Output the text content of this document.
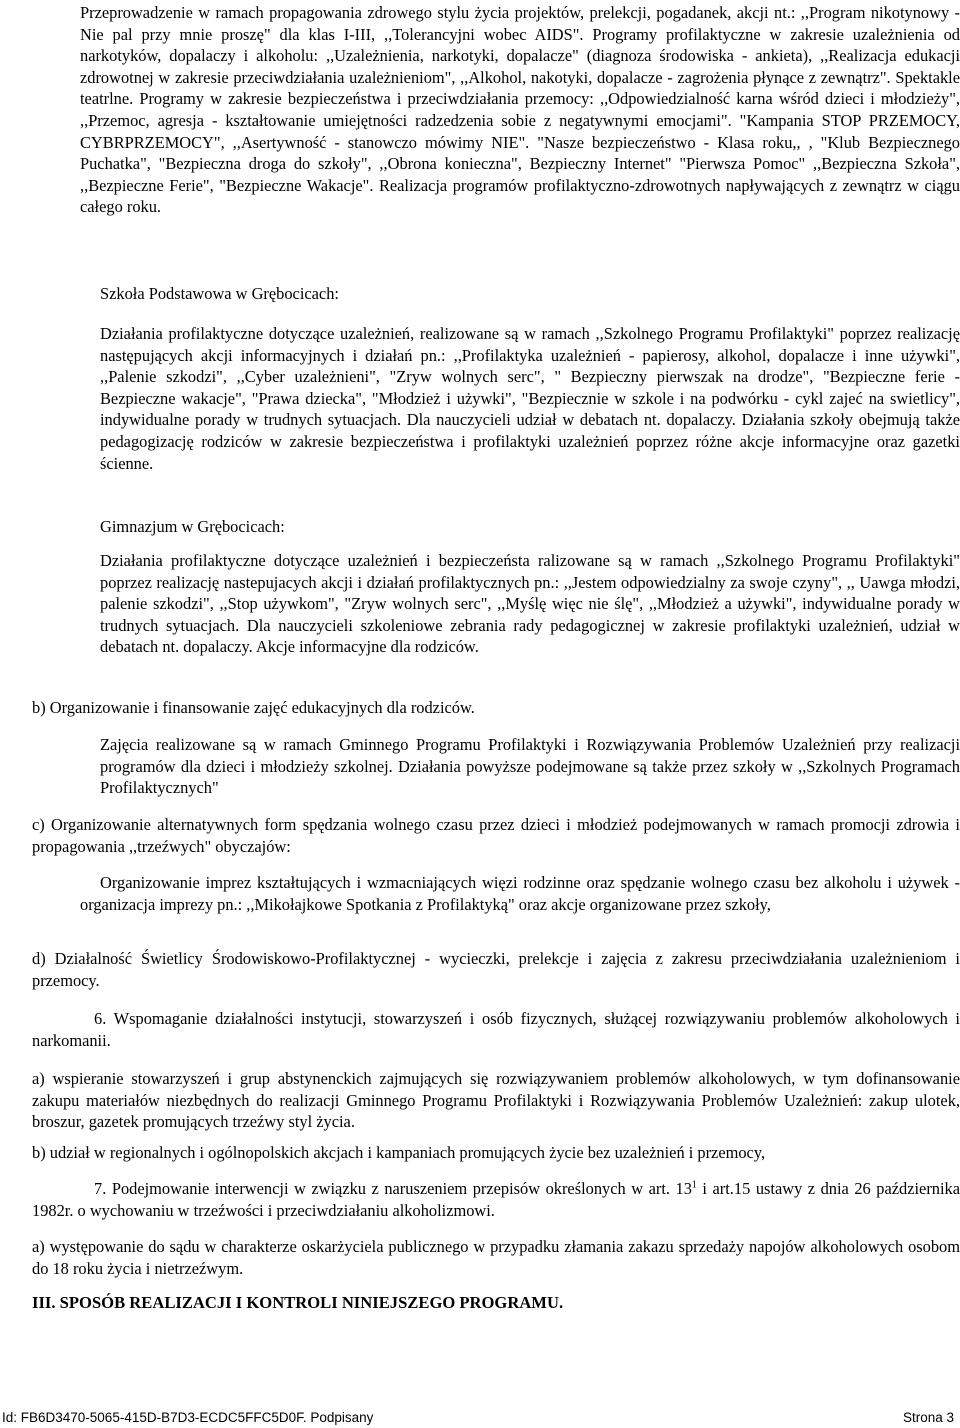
Przeprowadzenie w ramach propagowania zdrowego stylu życia projektów, prelekcji, pogadanek, akcji nt.: ,,Program nikotynowy - Nie pal przy mnie proszę" dla klas I-III, ,,Tolerancyjni wobec AIDS". Programy profilaktyczne w zakresie uzależnienia od narkotyków, dopalaczy i alkoholu: ,,Uzależnienia, narkotyki, dopalacze" (diagnoza środowiska - ankieta), ,,Realizacja edukacji zdrowotnej w zakresie przeciwdziałania uzależnieniom", ,,Alkohol, nakotyki, dopalacze - zagrożenia płynące z zewnątrz". Spektakle teatrlne. Programy w zakresie bezpieczeństwa i przeciwdziałania przemocy: ,,Odpowiedzialność karna wśród dzieci i młodzieży", ,,Przemoc, agresja - kształtowanie umiejętności radzedzenia sobie z negatywnymi emocjami". "Kampania STOP PRZEMOCY, CYBRPRZEMOCY", ,,Asertywność - stanowczo mówimy NIE". "Nasze bezpieczeństwo - Klasa roku,, , "Klub Bezpiecznego Puchatka", "Bezpieczna droga do szkoły", ,,Obrona konieczna", Bezpieczny Internet" "Pierwsza Pomoc" ,,Bezpieczna Szkoła", ,,Bezpieczne Ferie", "Bezpieczne Wakacje". Realizacja programów profilaktyczno-zdrowotnych napływających z zewnątrz w ciągu całego roku.

Szkoła Podstawowa w Grębocicach:

Działania profilaktyczne dotyczące uzależnień, realizowane są w ramach ,,Szkolnego Programu Profilaktyki" poprzez realizację następujących akcji informacyjnych i działań pn.: ,,Profilaktyka uzależnień - papierosy, alkohol, dopalacze i inne używki", ,,Palenie szkodzi", ,,Cyber uzależnieni", "Zryw wolnych serc", " Bezpieczny pierwszak na drodze", "Bezpieczne ferie - Bezpieczne wakacje", "Prawa dziecka", "Młodzież i używki", "Bezpiecznie w szkole i na podwórku - cykl zajeć na swietlicy", indywidualne porady w trudnych sytuacjach. Dla nauczycieli udział w debatach nt. dopalaczy. Działania szkoły obejmują także pedagogizację rodziców w zakresie bezpieczeństwa i profilaktyki uzależnień poprzez różne akcje informacyjne oraz gazetki ścienne.

Gimnazjum w Grębocicach:

Działania profilaktyczne dotyczące uzależnień i bezpieczeństa ralizowane są w ramach ,,Szkolnego Programu Profilaktyki" poprzez realizację nastepujacych akcji i działań profilaktycznych pn.: ,,Jestem odpowiedzialny za swoje czyny", ,, Uawga młodzi, palenie szkodzi", ,,Stop używkom", "Zryw wolnych serc", ,,Myślę więc nie ślę", ,,Młodzież a używki", indywidualne porady w trudnych sytuacjach. Dla nauczycieli szkoleniowe zebrania rady pedagogicznej w zakresie profilaktyki uzależnień, udział w debatach nt. dopalaczy. Akcje informacyjne dla rodziców.

b) Organizowanie i finansowanie zajęć edukacyjnych dla rodziców.

Zajęcia realizowane są w ramach Gminnego Programu Profilaktyki i Rozwiązywania Problemów Uzależnień przy realizacji programów dla dzieci i młodzieży szkolnej. Działania powyższe podejmowane są także przez szkoły w ,,Szkolnych Programach Profilaktycznych"

c) Organizowanie alternatywnych form spędzania wolnego czasu przez dzieci i młodzież podejmowanych w ramach promocji zdrowia i propagowania ,,trzeźwych" obyczajów:

Organizowanie imprez kształtujących i wzmacniających więzi rodzinne oraz spędzanie wolnego czasu bez alkoholu i używek - organizacja imprezy pn.: ,,Mikołajkowe Spotkania z Profilaktyką" oraz akcje organizowane przez szkoły,

d) Działalność Świetlicy Środowiskowo-Profilaktycznej - wycieczki, prelekcje i zajęcia z zakresu przeciwdziałania uzależnieniom i przemocy.

6. Wspomaganie działalności instytucji, stowarzyszeń i osób fizycznych, służącej rozwiązywaniu problemów alkoholowych i narkomanii.

a) wspieranie stowarzyszeń i grup abstynenckich zajmujących się rozwiązywaniem problemów alkoholowych, w tym dofinansowanie zakupu materiałów niezbędnych do realizacji Gminnego Programu Profilaktyki i Rozwiązywania Problemów Uzależnień: zakup ulotek, broszur, gazetek promujących trzeźwy styl życia.

b) udział w regionalnych i ogólnopolskich akcjach i kampaniach promujących życie bez uzależnień i przemocy,

7. Podejmowanie interwencji w związku z naruszeniem przepisów określonych w art. $13^1$ i art.15 ustawy z dnia 26 października 1982r. o wychowaniu w trzeźwości i przeciwdziałaniu alkoholizmowi.

a) występowanie do sądu w charakterze oskarżyciela publicznego w przypadku złamania zakazu sprzedaży napojów alkoholowych osobom do 18 roku życia i nietrzeźwym.

III. SPOSÓB REALIZACJI I KONTROLI NINIEJSZEGO PROGRAMU.

Id: FB6D3470-5065-415D-B7D3-ECDC5FFC5D0F. Podpisany	Strona 3
